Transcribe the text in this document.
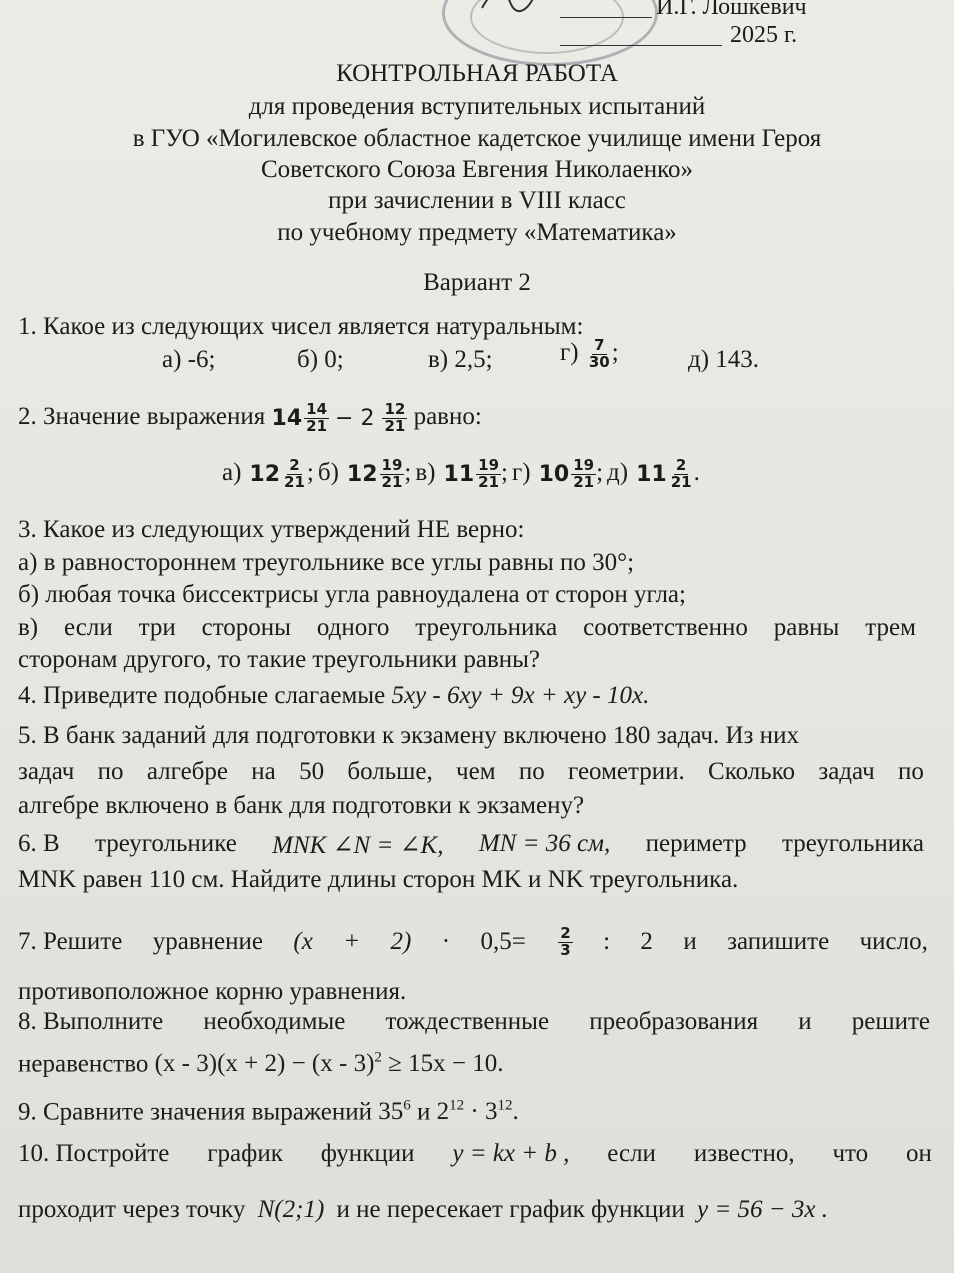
И.Г. Лошкевич
2025 г.
КОНТРОЛЬНАЯ РАБОТА
для проведения вступительных испытаний
в ГУО «Могилевское областное кадетское училище имени Героя
Советского Союза Евгения Николаенко»
при зачислении в VIII класс
по учебному предмету «Математика»
Вариант 2
1. Какое из следующих чисел является натуральным:
а) -6;	б) 0;	в) 2,5;	$г) \frac{7}{30}$ ;	д) 143.
2. Значение выражения $14 \frac{14}{21} - 2 \frac{12}{21}$ равно:
а) $12 \frac{2}{21}$ ; б) $12 \frac{19}{21}$ ; в) $11 \frac{19}{21}$ ; г) $10 \frac{19}{21}$ ; д) $11 \frac{2}{21}$ .
3. Какое из следующих утверждений НЕ верно:
а) в равностороннем треугольнике все углы равны по 30°;
б) любая точка биссектрисы угла равноудалена от сторон угла;
в) если три стороны одного треугольника соответственно равны трем
сторонам другого, то такие треугольники равны?
4. Приведите подобные слагаемые 5xy - 6xy + 9x + xy - 10x.
5. В банк заданий для подготовки к экзамену включено 180 задач. Из них
задач по алгебре на 50 больше, чем по геометрии. Сколько задач по
алгебре включено в банк для подготовки к экзамену?
6. В треугольнике MNK ∠N = ∠K, MN = 36 см, периметр треугольника
MNK равен 110 см. Найдите длины сторон MK и NK треугольника.
7. Решите уравнение $(x + 2) \cdot 0,5= \frac{2}{3}$ : 2 и запишите число,
противоположное корню уравнения.
8. Выполните необходимые тождественные преобразования и решите
неравенство (x - 3)(x + 2) − (x - 3)$^2$ ≥ 15x − 10.
9. Сравните значения выражений $35^6$ и $2^{12} \cdot 3^{12}$.
10. Постройте график функции y = kx + b , если известно, что он
проходит через точку N(2;1) и не пересекает график функции y = 56 − 3x .
